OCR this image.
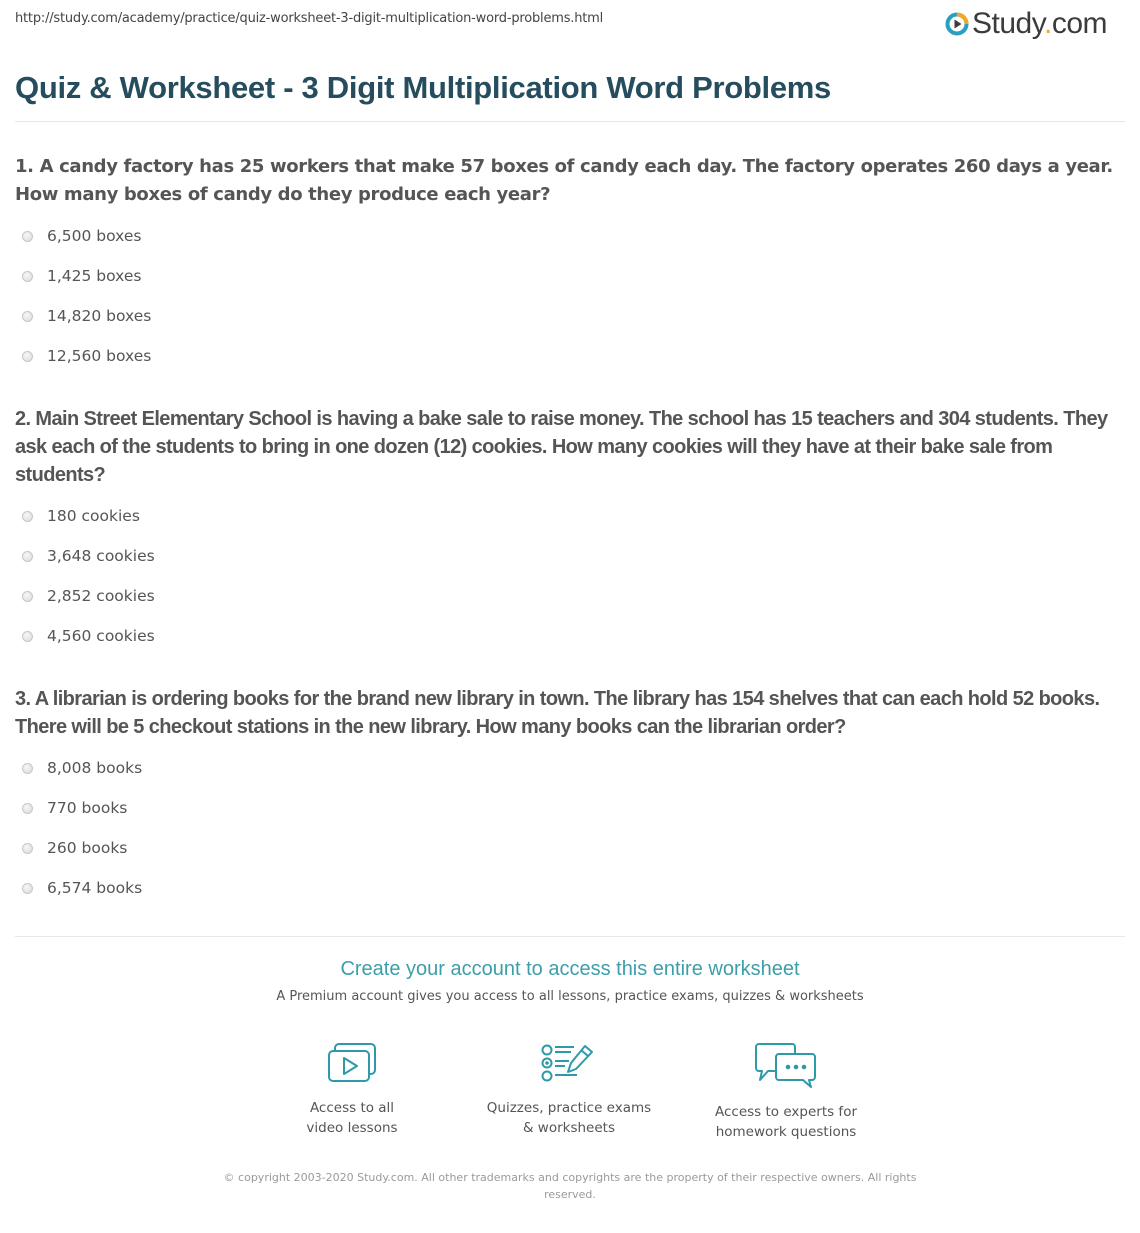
http://study.com/academy/practice/quiz-worksheet-3-digit-multiplication-word-problems.html	Study.com
Quiz & Worksheet - 3 Digit Multiplication Word Problems
1. A candy factory has 25 workers that make 57 boxes of candy each day. The factory operates 260 days a year. How many boxes of candy do they produce each year?
6,500 boxes
1,425 boxes
14,820 boxes
12,560 boxes
2. Main Street Elementary School is having a bake sale to raise money. The school has 15 teachers and 304 students. They ask each of the students to bring in one dozen (12) cookies. How many cookies will they have at their bake sale from students?
180 cookies
3,648 cookies
2,852 cookies
4,560 cookies
3. A librarian is ordering books for the brand new library in town. The library has 154 shelves that can each hold 52 books. There will be 5 checkout stations in the new library. How many books can the librarian order?
8,008 books
770 books
260 books
6,574 books
Create your account to access this entire worksheet
A Premium account gives you access to all lessons, practice exams, quizzes & worksheets
Access to all
video lessons
Quizzes, practice exams
& worksheets
Access to experts for
homework questions
© copyright 2003-2020 Study.com. All other trademarks and copyrights are the property of their respective owners. All rights reserved.
